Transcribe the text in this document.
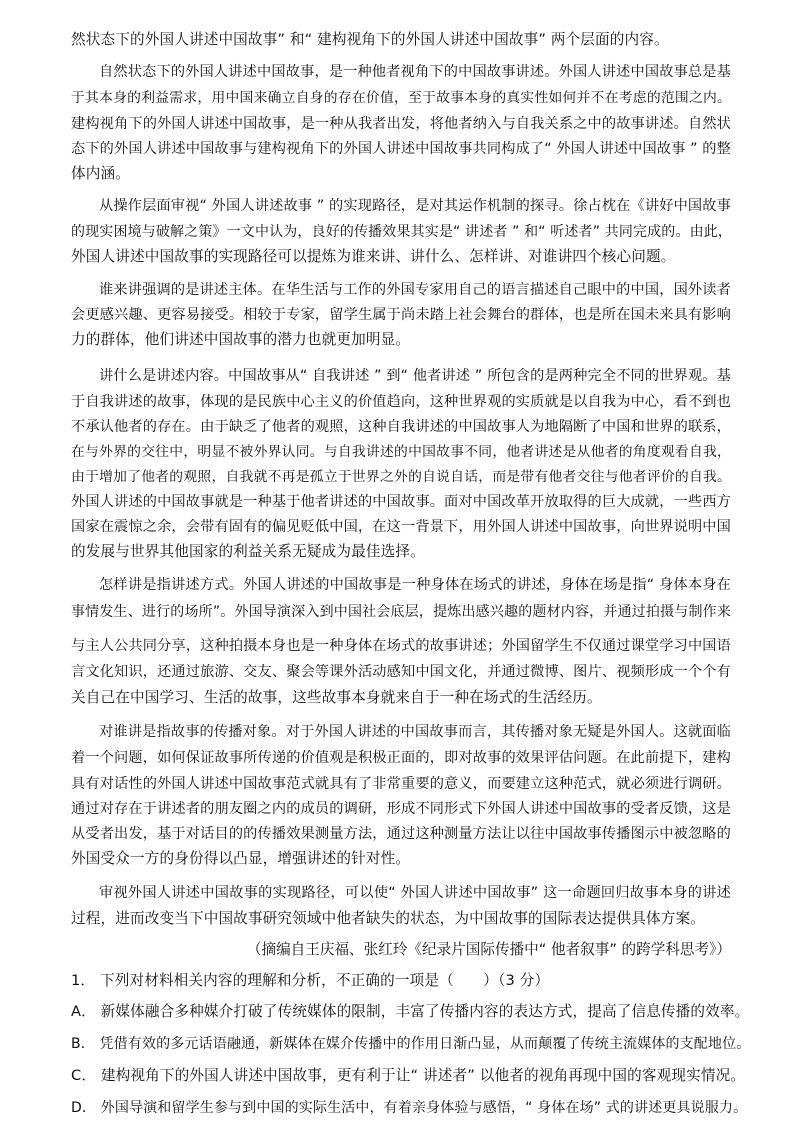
然状态下的外国人讲述中国故事” 和“ 建构视角下的外国人讲述中国故事” 两个层面的内容。
自然状态下的外国人讲述中国故事，是一种他者视角下的中国故事讲述。外国人讲述中国故事总是基
于其本身的利益需求，用中国来确立自身的存在价值，至于故事本身的真实性如何并不在考虑的范围之内。
建构视角下的外国人讲述中国故事，是一种从我者出发，将他者纳入与自我关系之中的故事讲述。自然状
态下的外国人讲述中国故事与建构视角下的外国人讲述中国故事共同构成了“ 外国人讲述中国故事 ” 的整
体内涵。
从操作层面审视“ 外国人讲述故事 ” 的实现路径，是对其运作机制的探寻。徐占枕在《讲好中国故事
的现实困境与破解之策》一文中认为，良好的传播效果其实是“ 讲述者 ” 和“ 听述者” 共同完成的。由此，
外国人讲述中国故事的实现路径可以提炼为谁来讲、讲什么、怎样讲、对谁讲四个核心问题。
谁来讲强调的是讲述主体。在华生活与工作的外国专家用自己的语言描述自己眼中的中国，国外读者
会更感兴趣、更容易接受。相较于专家，留学生属于尚未踏上社会舞台的群体，也是所在国未来具有影响
力的群体，他们讲述中国故事的潜力也就更加明显。
讲什么是讲述内容。中国故事从“ 自我讲述 ” 到“ 他者讲述 ” 所包含的是两种完全不同的世界观。基
于自我讲述的故事，体现的是民族中心主义的价值趋向，这种世界观的实质就是以自我为中心，看不到也
不承认他者的存在。由于缺乏了他者的观照，这种自我讲述的中国故事人为地隔断了中国和世界的联系，
在与外界的交往中，明显不被外界认同。与自我讲述的中国故事不同，他者讲述是从他者的角度观看自我，
由于增加了他者的观照，自我就不再是孤立于世界之外的自说自话，而是带有他者交往与他者评价的自我。
外国人讲述的中国故事就是一种基于他者讲述的中国故事。面对中国改革开放取得的巨大成就，一些西方
国家在震惊之余，会带有固有的偏见贬低中国，在这一背景下，用外国人讲述中国故事，向世界说明中国
的发展与世界其他国家的利益关系无疑成为最佳选择。
怎样讲是指讲述方式。外国人讲述的中国故事是一种身体在场式的讲述，身体在场是指“ 身体本身在
事情发生、进行的场所”。外国导演深入到中国社会底层，提炼出感兴趣的题材内容，并通过拍摄与制作来
与主人公共同分享，这种拍摄本身也是一种身体在场式的故事讲述；外国留学生不仅通过课堂学习中国语
言文化知识，还通过旅游、交友、聚会等课外活动感知中国文化，并通过微博、图片、视频形成一个个有
关自己在中国学习、生活的故事，这些故事本身就来自于一种在场式的生活经历。
对谁讲是指故事的传播对象。对于外国人讲述的中国故事而言，其传播对象无疑是外国人。这就面临
着一个问题，如何保证故事所传递的价值观是积极正面的，即对故事的效果评估问题。在此前提下，建构
具有对话性的外国人讲述中国故事范式就具有了非常重要的意义，而要建立这种范式，就必须进行调研。
通过对存在于讲述者的朋友圈之内的成员的调研，形成不同形式下外国人讲述中国故事的受者反馈，这是
从受者出发，基于对话目的的传播效果测量方法，通过这种测量方法让以往中国故事传播图示中被忽略的
外国受众一方的身份得以凸显，增强讲述的针对性。
审视外国人讲述中国故事的实现路径，可以使“ 外国人讲述中国故事” 这一命题回归故事本身的讲述
过程，进而改变当下中国故事研究领域中他者缺失的状态，为中国故事的国际表达提供具体方案。
（摘编自王庆福、张红玲《纪录片国际传播中“ 他者叙事” 的跨学科思考》）
1． 下列对材料相关内容的理解和分析，不正确的一项是（　　）（3 分）
A． 新媒体融合多种媒介打破了传统媒体的限制，丰富了传播内容的表达方式，提高了信息传播的效率。
B． 凭借有效的多元话语融通，新媒体在媒介传播中的作用日渐凸显，从而颠覆了传统主流媒体的支配地位。
C． 建构视角下的外国人讲述中国故事，更有利于让“ 讲述者” 以他者的视角再现中国的客观现实情况。
D． 外国导演和留学生参与到中国的实际生活中，有着亲身体验与感悟，“ 身体在场” 式的讲述更具说服力。
